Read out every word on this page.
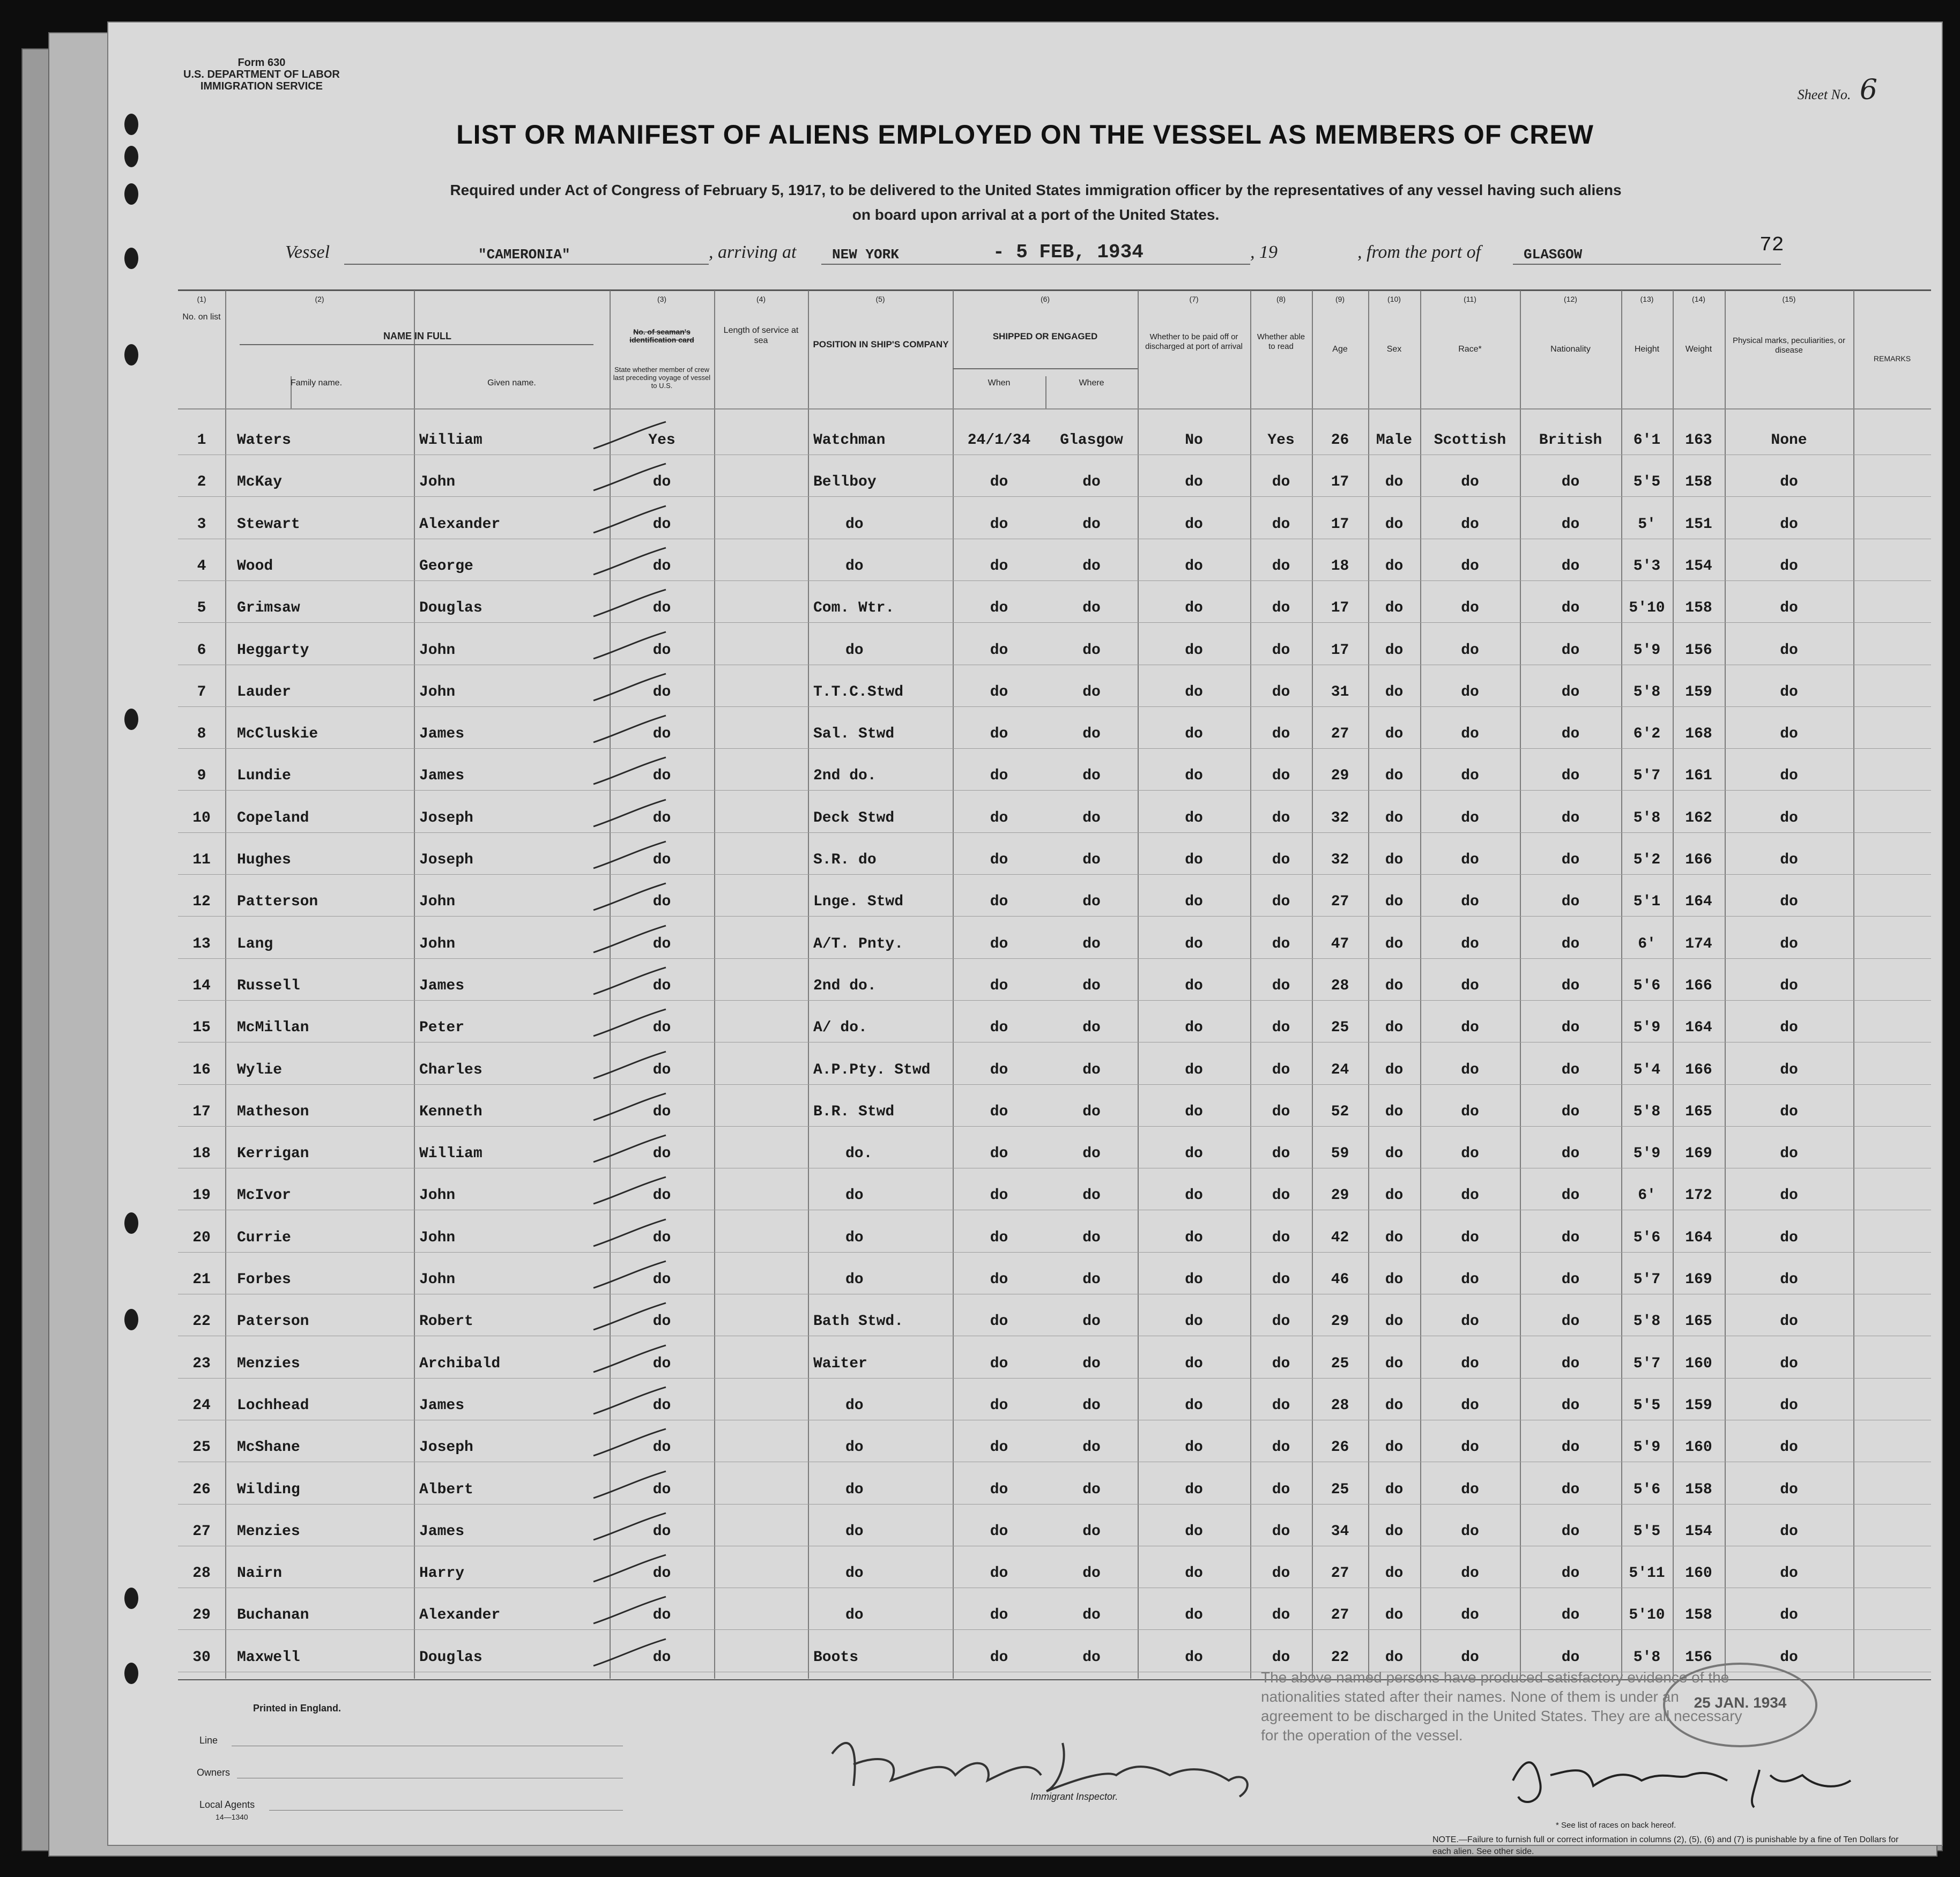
Form 630
U.S. DEPARTMENT OF LABOR
IMMIGRATION SERVICE
Sheet No. 6
LIST OR MANIFEST OF ALIENS EMPLOYED ON THE VESSEL AS MEMBERS OF CREW
Required under Act of Congress of February 5, 1917, to be delivered to the United States immigration officer by the representatives of any vessel having such aliens
on board upon arrival at a port of the United States.
Vessel	"CAMERONIA"	, arriving at	NEW YORK	- 5 FEB, 1934	, 19	, from the port of	GLASGOW	72
(1)	(2)	(3)	(4)	(5)	(6)	(7)	(8)	(9)	(10)	(11)	(12)	(13)	(14)	(15)
No. on list
NAME IN FULL
Family name.	Given name.
No. of seaman's identification card
State whether member of crew last preceding voyage of vessel to U.S.
Length of service at sea	POSITION IN SHIP'S COMPANY
SHIPPED OR ENGAGED
When	Where
Whether to be paid off or discharged at port of arrival
Whether able to read	Age	Sex	Race*	Nationality	Height	Weight
Physical marks, peculiarities, or disease
REMARKS
1	Waters	William	Yes	Watchman	24/1/34	Glasgow	No	Yes	26	Male	Scottish	British	6'1	163	None
2	McKay	John	do	Bellboy	do	do	do	do	17	do	do	do	5'5	158	do
3	Stewart	Alexander	do	do	do	do	do	do	17	do	do	do	5'	151	do
4	Wood	George	do	do	do	do	do	do	18	do	do	do	5'3	154	do
5	Grimsaw	Douglas	do	Com. Wtr.	do	do	do	do	17	do	do	do	5'10	158	do
6	Heggarty	John	do	do	do	do	do	do	17	do	do	do	5'9	156	do
7	Lauder	John	do	T.T.C.Stwd	do	do	do	do	31	do	do	do	5'8	159	do
8	McCluskie	James	do	Sal. Stwd	do	do	do	do	27	do	do	do	6'2	168	do
9	Lundie	James	do	2nd do.	do	do	do	do	29	do	do	do	5'7	161	do
10	Copeland	Joseph	do	Deck Stwd	do	do	do	do	32	do	do	do	5'8	162	do
11	Hughes	Joseph	do	S.R. do	do	do	do	do	32	do	do	do	5'2	166	do
12	Patterson	John	do	Lnge. Stwd	do	do	do	do	27	do	do	do	5'1	164	do
13	Lang	John	do	A/T. Pnty.	do	do	do	do	47	do	do	do	6'	174	do
14	Russell	James	do	2nd do.	do	do	do	do	28	do	do	do	5'6	166	do
15	McMillan	Peter	do	A/ do.	do	do	do	do	25	do	do	do	5'9	164	do
16	Wylie	Charles	do	A.P.Pty. Stwd	do	do	do	do	24	do	do	do	5'4	166	do
17	Matheson	Kenneth	do	B.R. Stwd	do	do	do	do	52	do	do	do	5'8	165	do
18	Kerrigan	William	do	do.	do	do	do	do	59	do	do	do	5'9	169	do
19	McIvor	John	do	do	do	do	do	do	29	do	do	do	6'	172	do
20	Currie	John	do	do	do	do	do	do	42	do	do	do	5'6	164	do
21	Forbes	John	do	do	do	do	do	do	46	do	do	do	5'7	169	do
22	Paterson	Robert	do	Bath Stwd.	do	do	do	do	29	do	do	do	5'8	165	do
23	Menzies	Archibald	do	Waiter	do	do	do	do	25	do	do	do	5'7	160	do
24	Lochhead	James	do	do	do	do	do	do	28	do	do	do	5'5	159	do
25	McShane	Joseph	do	do	do	do	do	do	26	do	do	do	5'9	160	do
26	Wilding	Albert	do	do	do	do	do	do	25	do	do	do	5'6	158	do
27	Menzies	James	do	do	do	do	do	do	34	do	do	do	5'5	154	do
28	Nairn	Harry	do	do	do	do	do	do	27	do	do	do	5'11	160	do
29	Buchanan	Alexander	do	do	do	do	do	do	27	do	do	do	5'10	158	do
30	Maxwell	Douglas	do	Boots	do	do	do	do	22	do	do	do	5'8	156	do
The above named persons have produced satisfactory evidence of the nationalities stated after their names. None of them is under an agreement to be discharged in the United States. They are all necessary for the operation of the vessel.
25 JAN. 1934
Printed in England.
Line
Owners
Local Agents
14—1340
Immigrant Inspector.
* See list of races on back hereof.
NOTE.—Failure to furnish full or correct information in columns (2), (5), (6) and (7) is punishable by a fine of Ten Dollars for each alien. See other side.
